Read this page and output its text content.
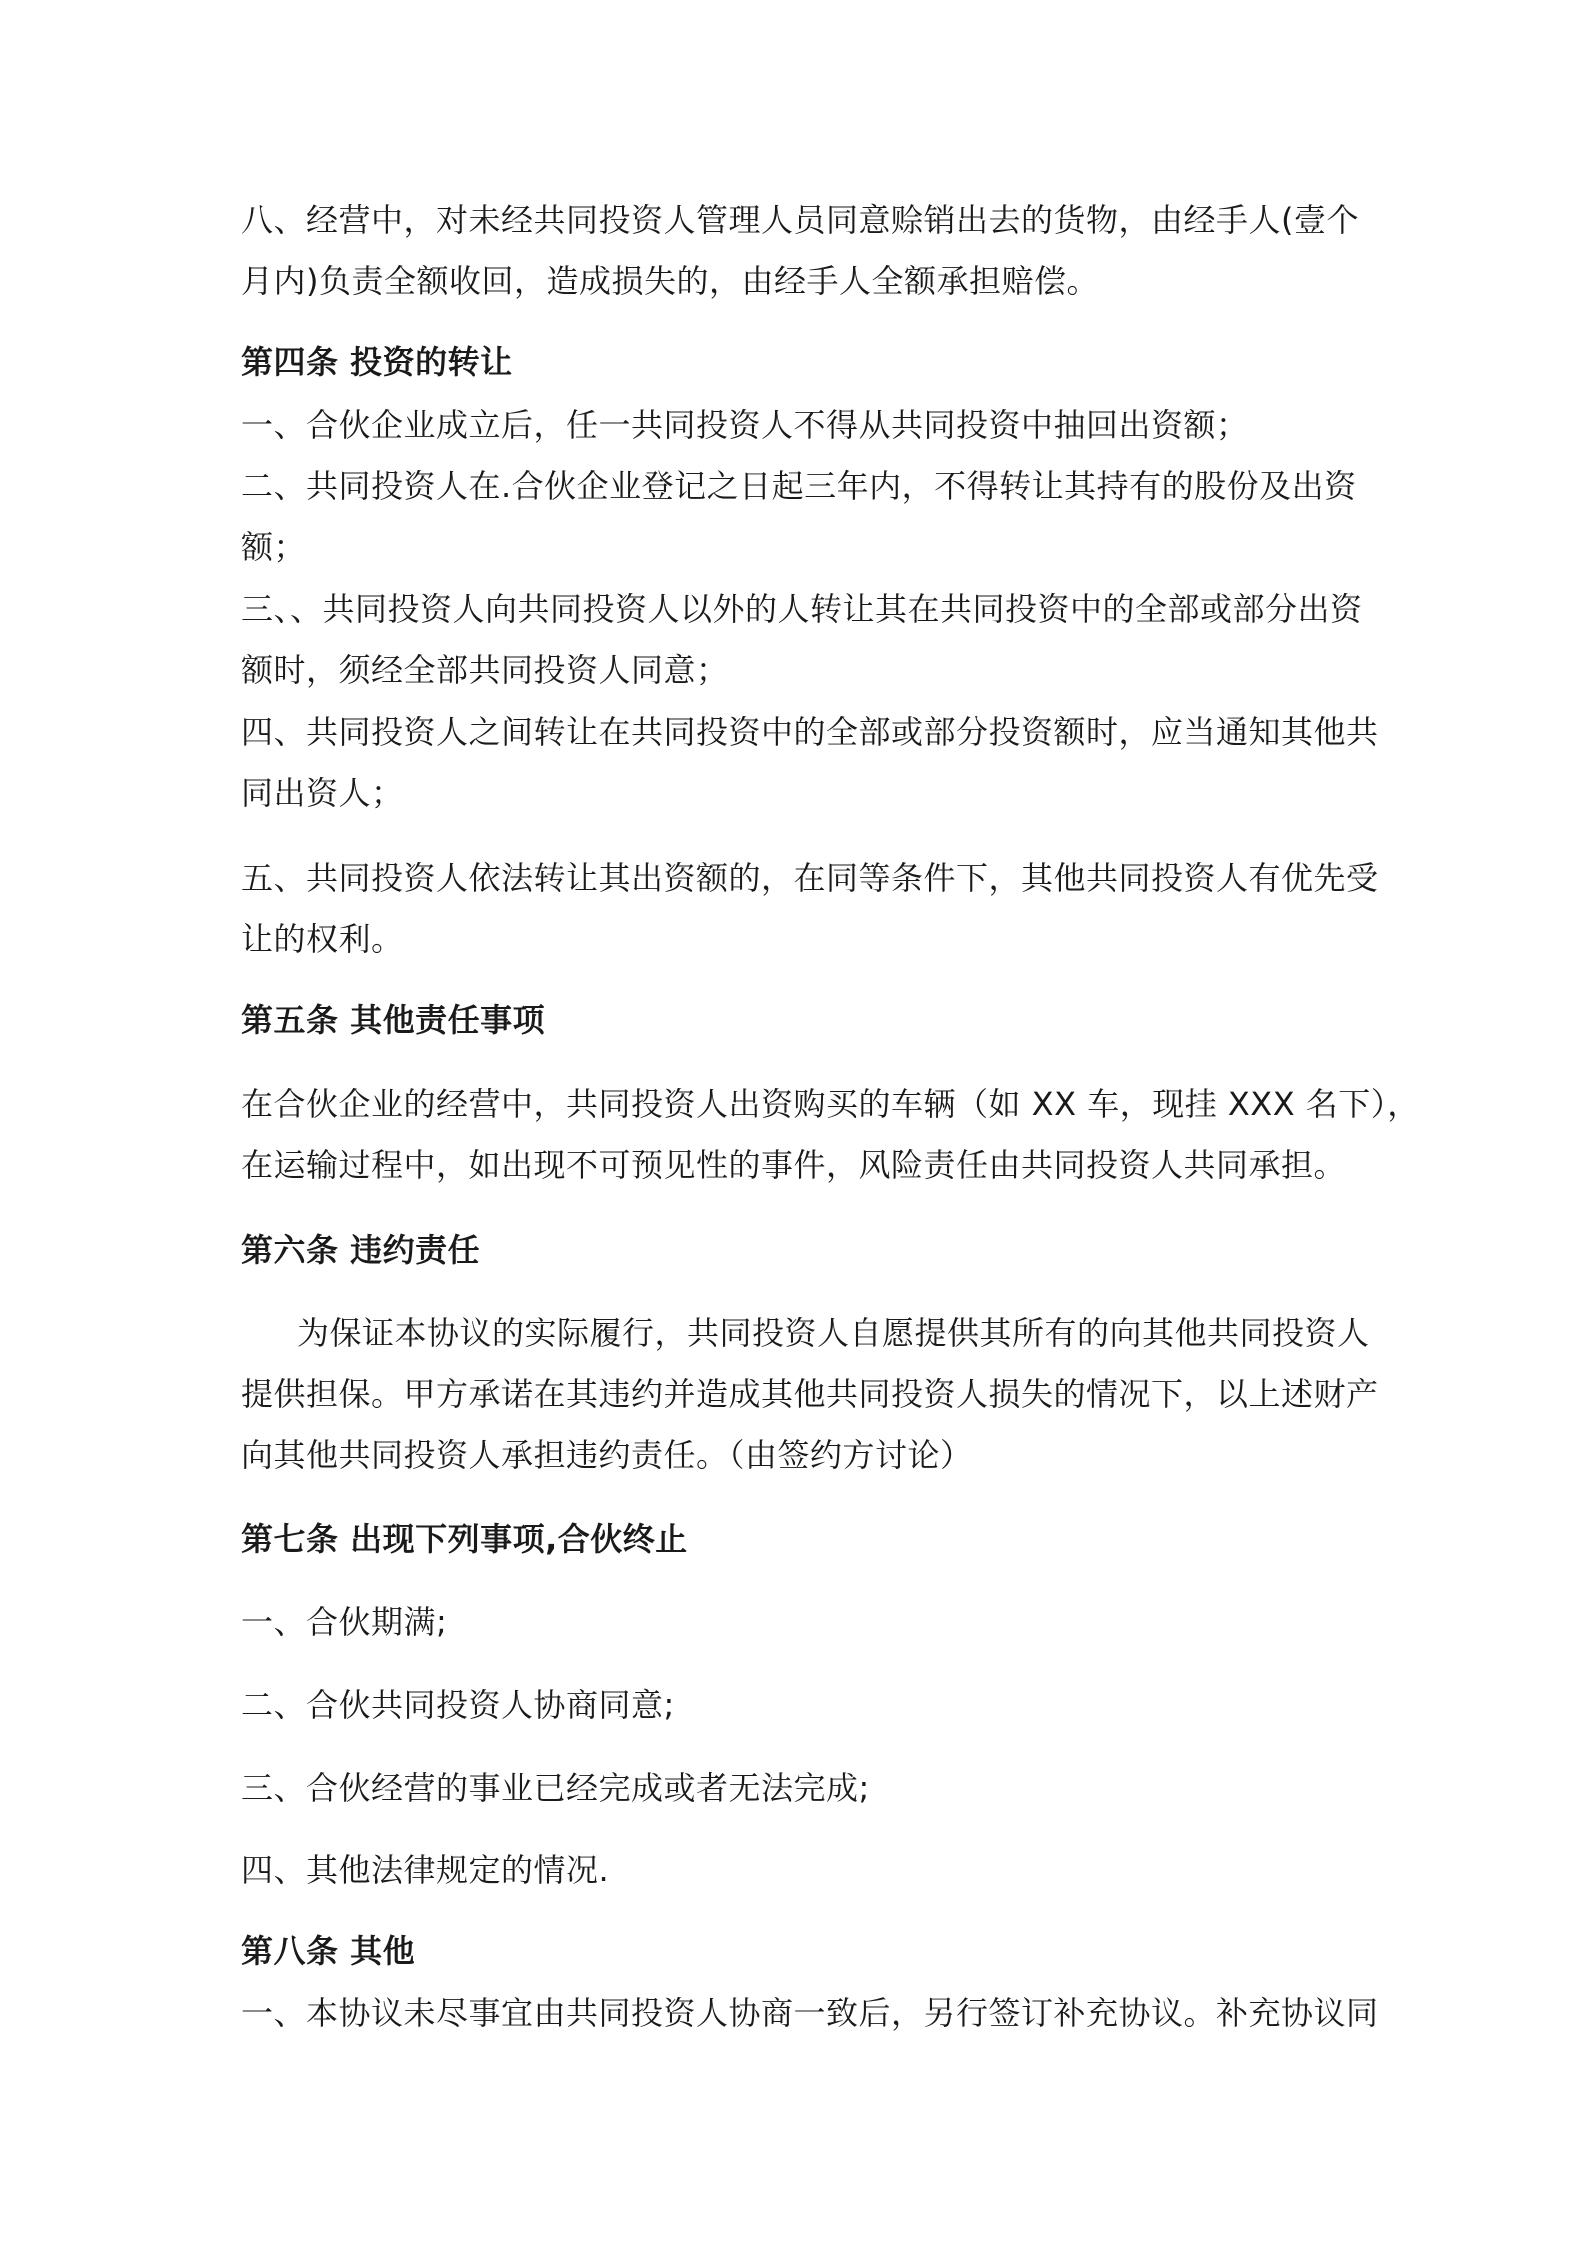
八、经营中，对未经共同投资人管理人员同意赊销出去的货物，由经手人(壹个
月内)负责全额收回，造成损失的，由经手人全额承担赔偿。
第四条 投资的转让
一、合伙企业成立后，任一共同投资人不得从共同投资中抽回出资额；
二、共同投资人在.合伙企业登记之日起三年内，不得转让其持有的股份及出资
额；
三、、共同投资人向共同投资人以外的人转让其在共同投资中的全部或部分出资
额时，须经全部共同投资人同意；
四、共同投资人之间转让在共同投资中的全部或部分投资额时，应当通知其他共
同出资人；
五、共同投资人依法转让其出资额的，在同等条件下，其他共同投资人有优先受
让的权利。
第五条 其他责任事项
在合伙企业的经营中，共同投资人出资购买的车辆（如 XX 车，现挂 XXX 名下），
在运输过程中，如出现不可预见性的事件，风险责任由共同投资人共同承担。
第六条 违约责任
为保证本协议的实际履行，共同投资人自愿提供其所有的向其他共同投资人
提供担保。甲方承诺在其违约并造成其他共同投资人损失的情况下，以上述财产
向其他共同投资人承担违约责任。（由签约方讨论）
第七条 出现下列事项,合伙终止
一、合伙期满;
二、合伙共同投资人协商同意;
三、合伙经营的事业已经完成或者无法完成;
四、其他法律规定的情况.
第八条 其他
一、本协议未尽事宜由共同投资人协商一致后，另行签订补充协议。补充协议同
